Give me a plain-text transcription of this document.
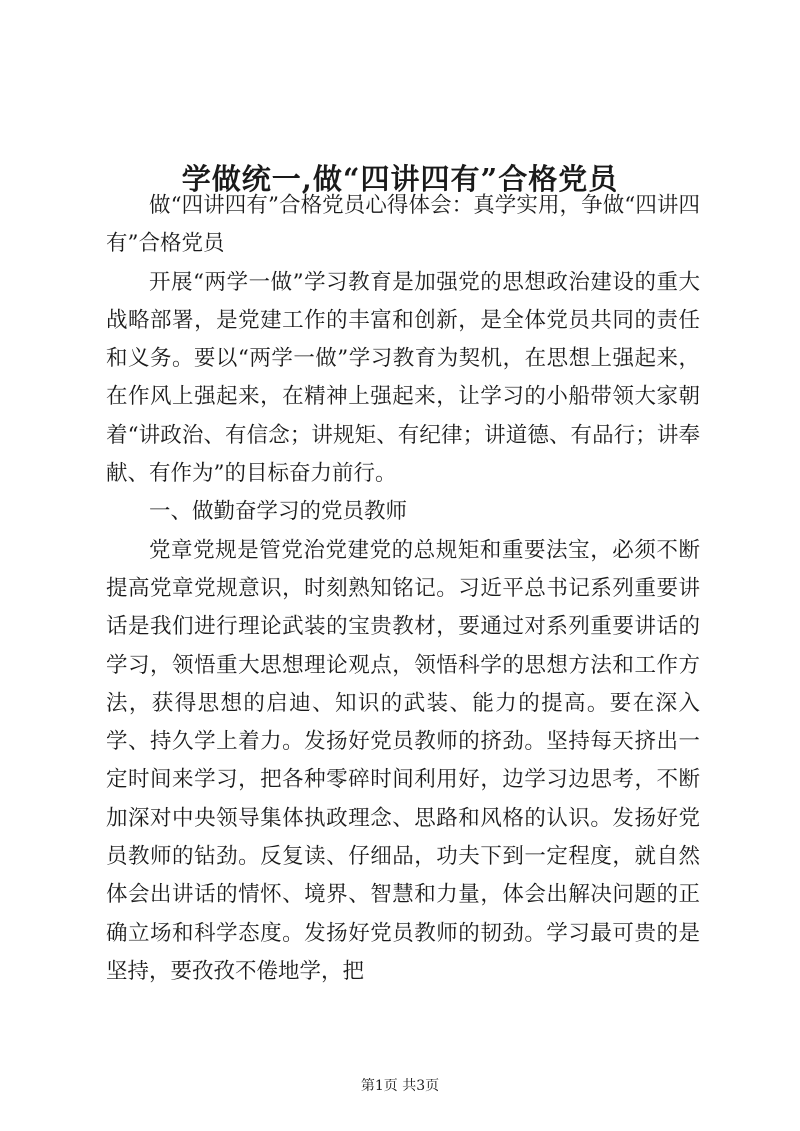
学做统一,做“四讲四有”合格党员

做“四讲四有”合格党员心得体会：真学实用，争做“四讲四有”合格党员

开展“两学一做”学习教育是加强党的思想政治建设的重大战略部署，是党建工作的丰富和创新，是全体党员共同的责任和义务。要以“两学一做”学习教育为契机，在思想上强起来，在作风上强起来，在精神上强起来，让学习的小船带领大家朝着“讲政治、有信念；讲规矩、有纪律；讲道德、有品行；讲奉献、有作为”的目标奋力前行。

一、做勤奋学习的党员教师

党章党规是管党治党建党的总规矩和重要法宝，必须不断提高党章党规意识，时刻熟知铭记。习近平总书记系列重要讲话是我们进行理论武装的宝贵教材，要通过对系列重要讲话的学习，领悟重大思想理论观点，领悟科学的思想方法和工作方法，获得思想的启迪、知识的武装、能力的提高。要在深入学、持久学上着力。发扬好党员教师的挤劲。坚持每天挤出一定时间来学习，把各种零碎时间利用好，边学习边思考，不断加深对中央领导集体执政理念、思路和风格的认识。发扬好党员教师的钻劲。反复读、仔细品，功夫下到一定程度，就自然体会出讲话的情怀、境界、智慧和力量，体会出解决问题的正确立场和科学态度。发扬好党员教师的韧劲。学习最可贵的是坚持，要孜孜不倦地学，把

第1页 共3页
